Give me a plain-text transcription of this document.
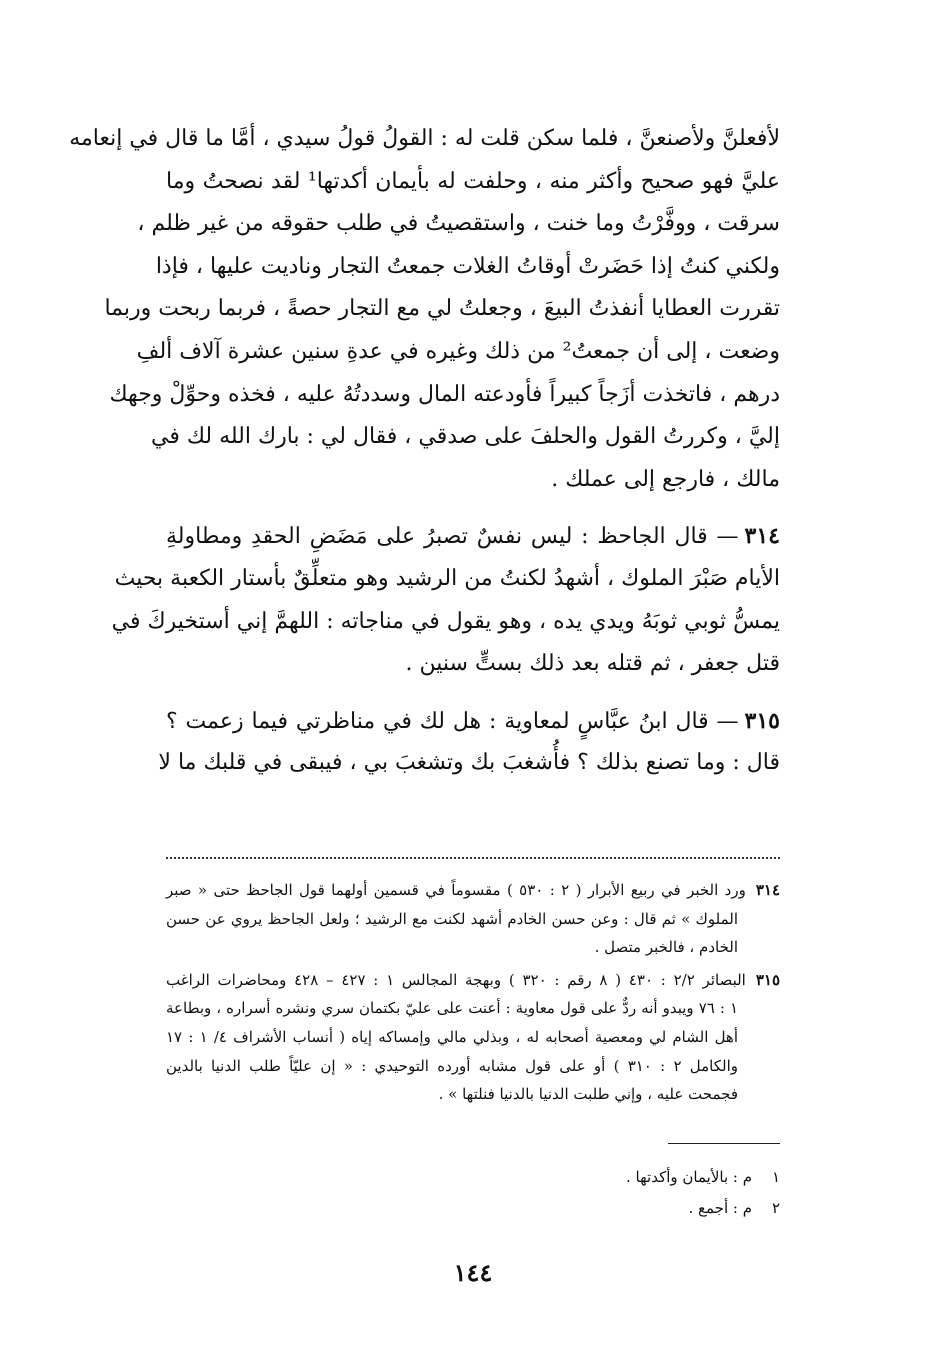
لأفعلنَّ ولأصنعنَّ ، فلما سكن قلت له : القولُ قولُ سيدي ، أمَّا ما قال في إنعامه
عليَّ فهو صحيح وأكثر منه ، وحلفت له بأيمان أكدتها¹ لقد نصحتُ وما
سرقت ، ووفَّرْتُ وما خنت ، واستقصيتُ في طلب حقوقه من غير ظلم ،
ولكني كنتُ إذا حَضَرتْ أوقاتُ الغلات جمعتُ التجار وناديت عليها ، فإذا
تقررت العطايا أنفذتُ البيعَ ، وجعلتُ لي مع التجار حصةً ، فربما ربحت وربما
وضعت ، إلى أن جمعتُ² من ذلك وغيره في عدةِ سنين عشرة آلاف ألفِ
درهم ، فاتخذت أزَجاً كبيراً فأودعته المال وسددتُهُ عليه ، فخذه وحوِّلْ وجهك
إليَّ ، وكررتُ القول والحلفَ على صدقي ، فقال لي : بارك الله لك في
مالك ، فارجع إلى عملك .
٣١٤— قال الجاحظ : ليس نفسٌ تصبرُ على مَضَضِ الحقدِ ومطاولةِ
الأيام صَبْرَ الملوك ، أشهدُ لكنتُ من الرشيد وهو متعلِّقٌ بأستار الكعبة بحيث
يمسُّ ثوبي ثوبَهُ ويدي يده ، وهو يقول في مناجاته : اللهمَّ إني أستخيركَ في
قتل جعفر ، ثم قتله بعد ذلك بستٍّ سنين .
٣١٥— قال ابنُ عبَّاسٍ لمعاوية : هل لك في مناظرتي فيما زعمت ؟
قال : وما تصنع بذلك ؟ فأُشغبَ بك وتشغبَ بي ، فيبقى في قلبك ما لا
٣١٤ورد الخبر في ربيع الأبرار ( ٢ : ٥٣٠ ) مقسوماً في قسمين أولهما قول الجاحظ حتى « صبر
الملوك » ثم قال : وعن حسن الخادم أشهد لكنت مع الرشيد ؛ ولعل الجاحظ يروي عن حسن
الخادم ، فالخبر متصل .
٣١٥البصائر ٢/٢ : ٤٣٠ ( ٨ رقم : ٣٢٠ ) وبهجة المجالس ١ : ٤٢٧ – ٤٢٨ ومحاضرات الراغب
١ : ٧٦ ويبدو أنه ردٌّ على قول معاوية : أعنت على عليّ بكتمان سري ونشره أسراره ، وبطاعة
أهل الشام لي ومعصية أصحابه له ، وبذلي مالي وإمساكه إياه ( أنساب الأشراف ٤/ ١ : ١٧
والكامل ٢ : ٣١٠ ) أو على قول مشابه أورده التوحيدي : « إن عليّاً طلب الدنيا بالدين
فجمحت عليه ، وإني طلبت الدنيا بالدنيا فنلتها » .
١م : بالأيمان وأكدتها .
٢م : أجمع .
١٤٤
